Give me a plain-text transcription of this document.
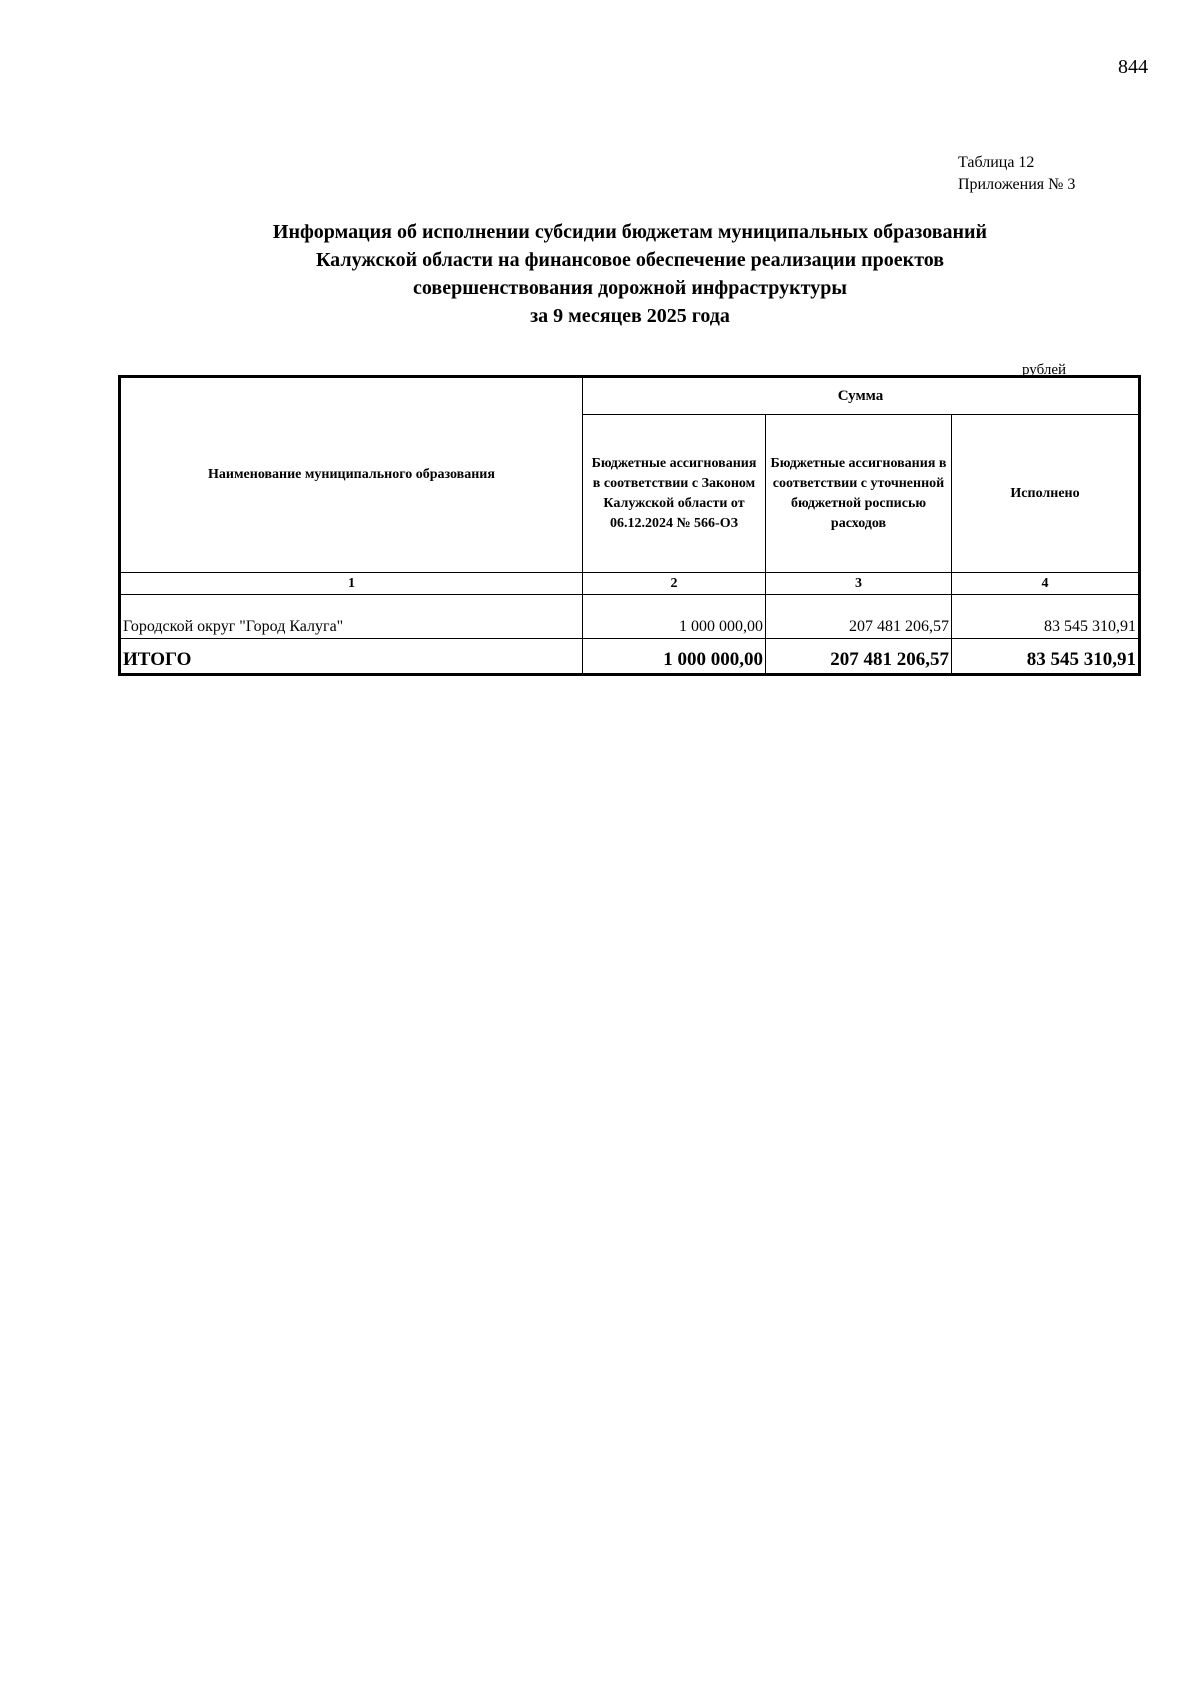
844
Таблица 12
Приложения № 3
Информация об исполнении субсидии бюджетам муниципальных образований
Калужской области на финансовое обеспечение реализации проектов
совершенствования дорожной инфраструктуры
за 9 месяцев 2025 года
рублей
Наименование муниципального образования	Сумма		
	Бюджетные ассигнования в соответствии с Законом Калужской области от 06.12.2024 № 566-ОЗ	Бюджетные ассигнования в соответствии с уточненной бюджетной росписью расходов	Исполнено
1	2	3	4
Городской округ "Город Калуга"	1 000 000,00	207 481 206,57	83 545 310,91
ИТОГО	1 000 000,00	207 481 206,57	83 545 310,91
